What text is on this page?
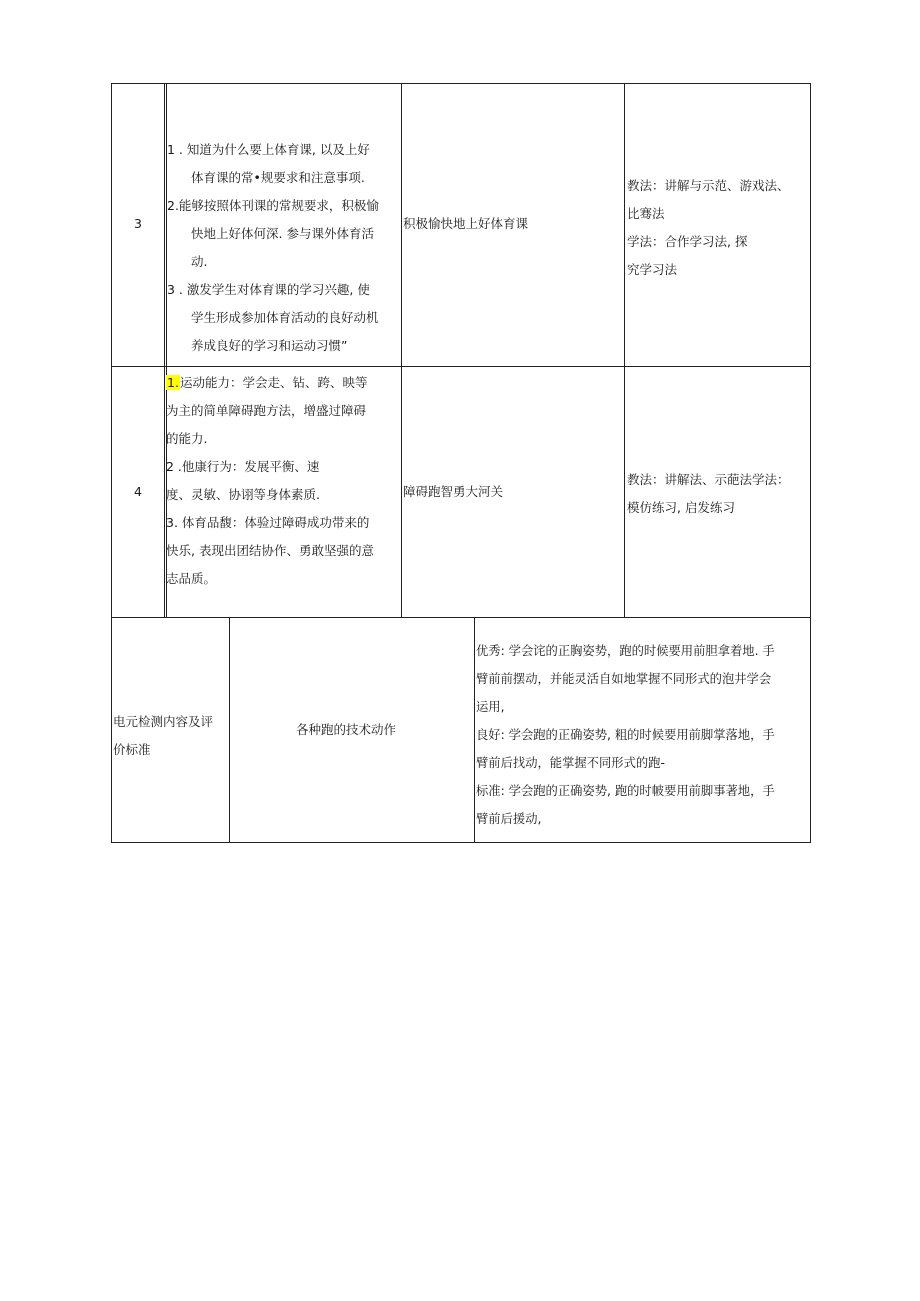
3
1 . 知道为什么要上体育课, 以及上好
体育课的常•规要求和注意事项.
2.能够按照体刊课的常规要求，积极愉
快地上好体何深. 参与课外体育活
动.
3 . 激发学生对体育课的学习兴趣, 使
学生形成参加体育活动的良好动机
养成良好的学习和运动习惯”
积极愉快地上好体育课
教法：讲解与示范、游戏法、
比骞法
学法：合作学习法, 探
究学习法
4
1.运动能力：学会走、钻、跨、映等
为主的简单障碍跑方法，增盛过障碍
的能力.
2 .他康行为：发展平衡、速
度、灵敏、协诩等身体素质.
3. 体育品馥：体验过障碍成功带来的
快乐, 表现出团结协作、勇敢坚强的意
志品质。
障碍跑智勇大河关
教法：讲解法、示葩法学法：
模仿练习, 启发练习
电元检测内容及评
价标准
各种跑的技术动作
优秀: 学会诧的正胸姿势，跑的时候要用前胆拿着地. 手
臂前前摆动，并能灵活自如地掌握不同形式的泡井学会
运用,
良好: 学会跑的正确姿势, 粗的时候要用前脚掌落地，手
臂前后找动，能掌握不同形式的跑-
标准: 学会跑的正确姿势, 跑的时帔要用前脚事著地，手
臂前后援动,
